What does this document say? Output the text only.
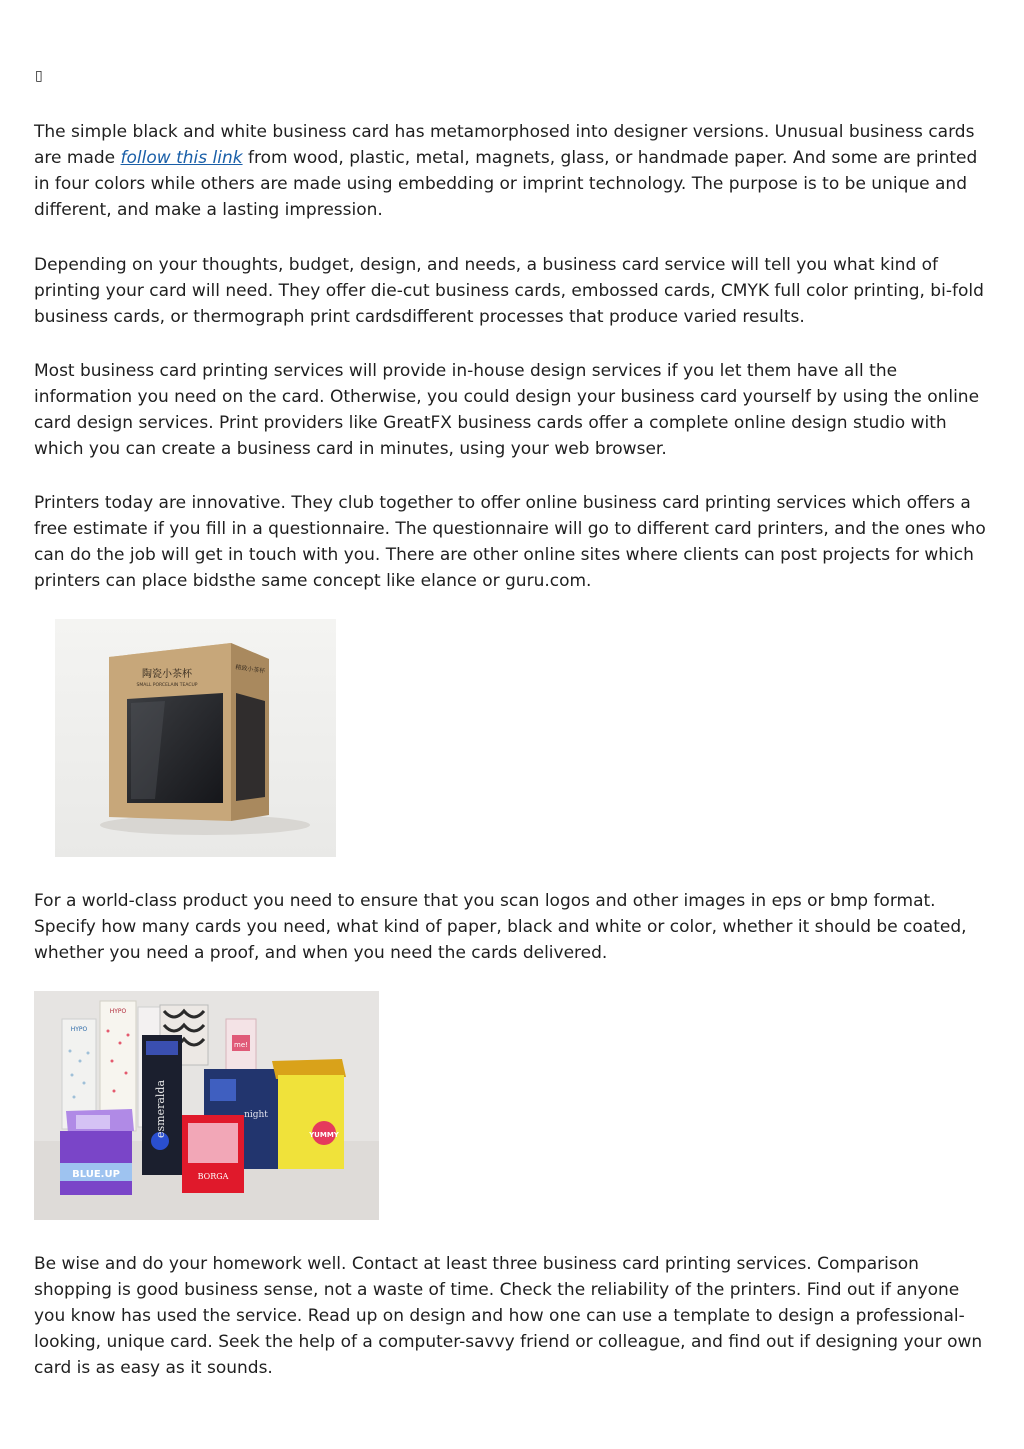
▯

The simple black and white business card has metamorphosed into designer versions. Unusual business cards are made follow this link from wood, plastic, metal, magnets, glass, or handmade paper. And some are printed in four colors while others are made using embedding or imprint technology. The purpose is to be unique and different, and make a lasting impression.

Depending on your thoughts, budget, design, and needs, a business card service will tell you what kind of printing your card will need. They offer die-cut business cards, embossed cards, CMYK full color printing, bi-fold business cards, or thermograph print cardsdifferent processes that produce varied results.

Most business card printing services will provide in-house design services if you let them have all the information you need on the card. Otherwise, you could design your business card yourself by using the online card design services. Print providers like GreatFX business cards offer a complete online design studio with which you can create a business card in minutes, using your web browser.

Printers today are innovative. They club together to offer online business card printing services which offers a free estimate if you fill in a questionnaire. The questionnaire will go to different card printers, and the ones who can do the job will get in touch with you. There are other online sites where clients can post projects for which printers can place bidsthe same concept like elance or guru.com.

陶瓷小茶杯
SMALL PORCELAIN TEACUP
精致小茶杯

For a world-class product you need to ensure that you scan logos and other images in eps or bmp format. Specify how many cards you need, what kind of paper, black and white or color, whether it should be coated, whether you need a proof, and when you need the cards delivered.

HYPO
HYPO
esmeralda	night
BORGA
YUMMY
BLUE.UP
me!

Be wise and do your homework well. Contact at least three business card printing services. Comparison shopping is good business sense, not a waste of time. Check the reliability of the printers. Find out if anyone you know has used the service. Read up on design and how one can use a template to design a professional-looking, unique card. Seek the help of a computer-savvy friend or colleague, and find out if designing your own card is as easy as it sounds.
